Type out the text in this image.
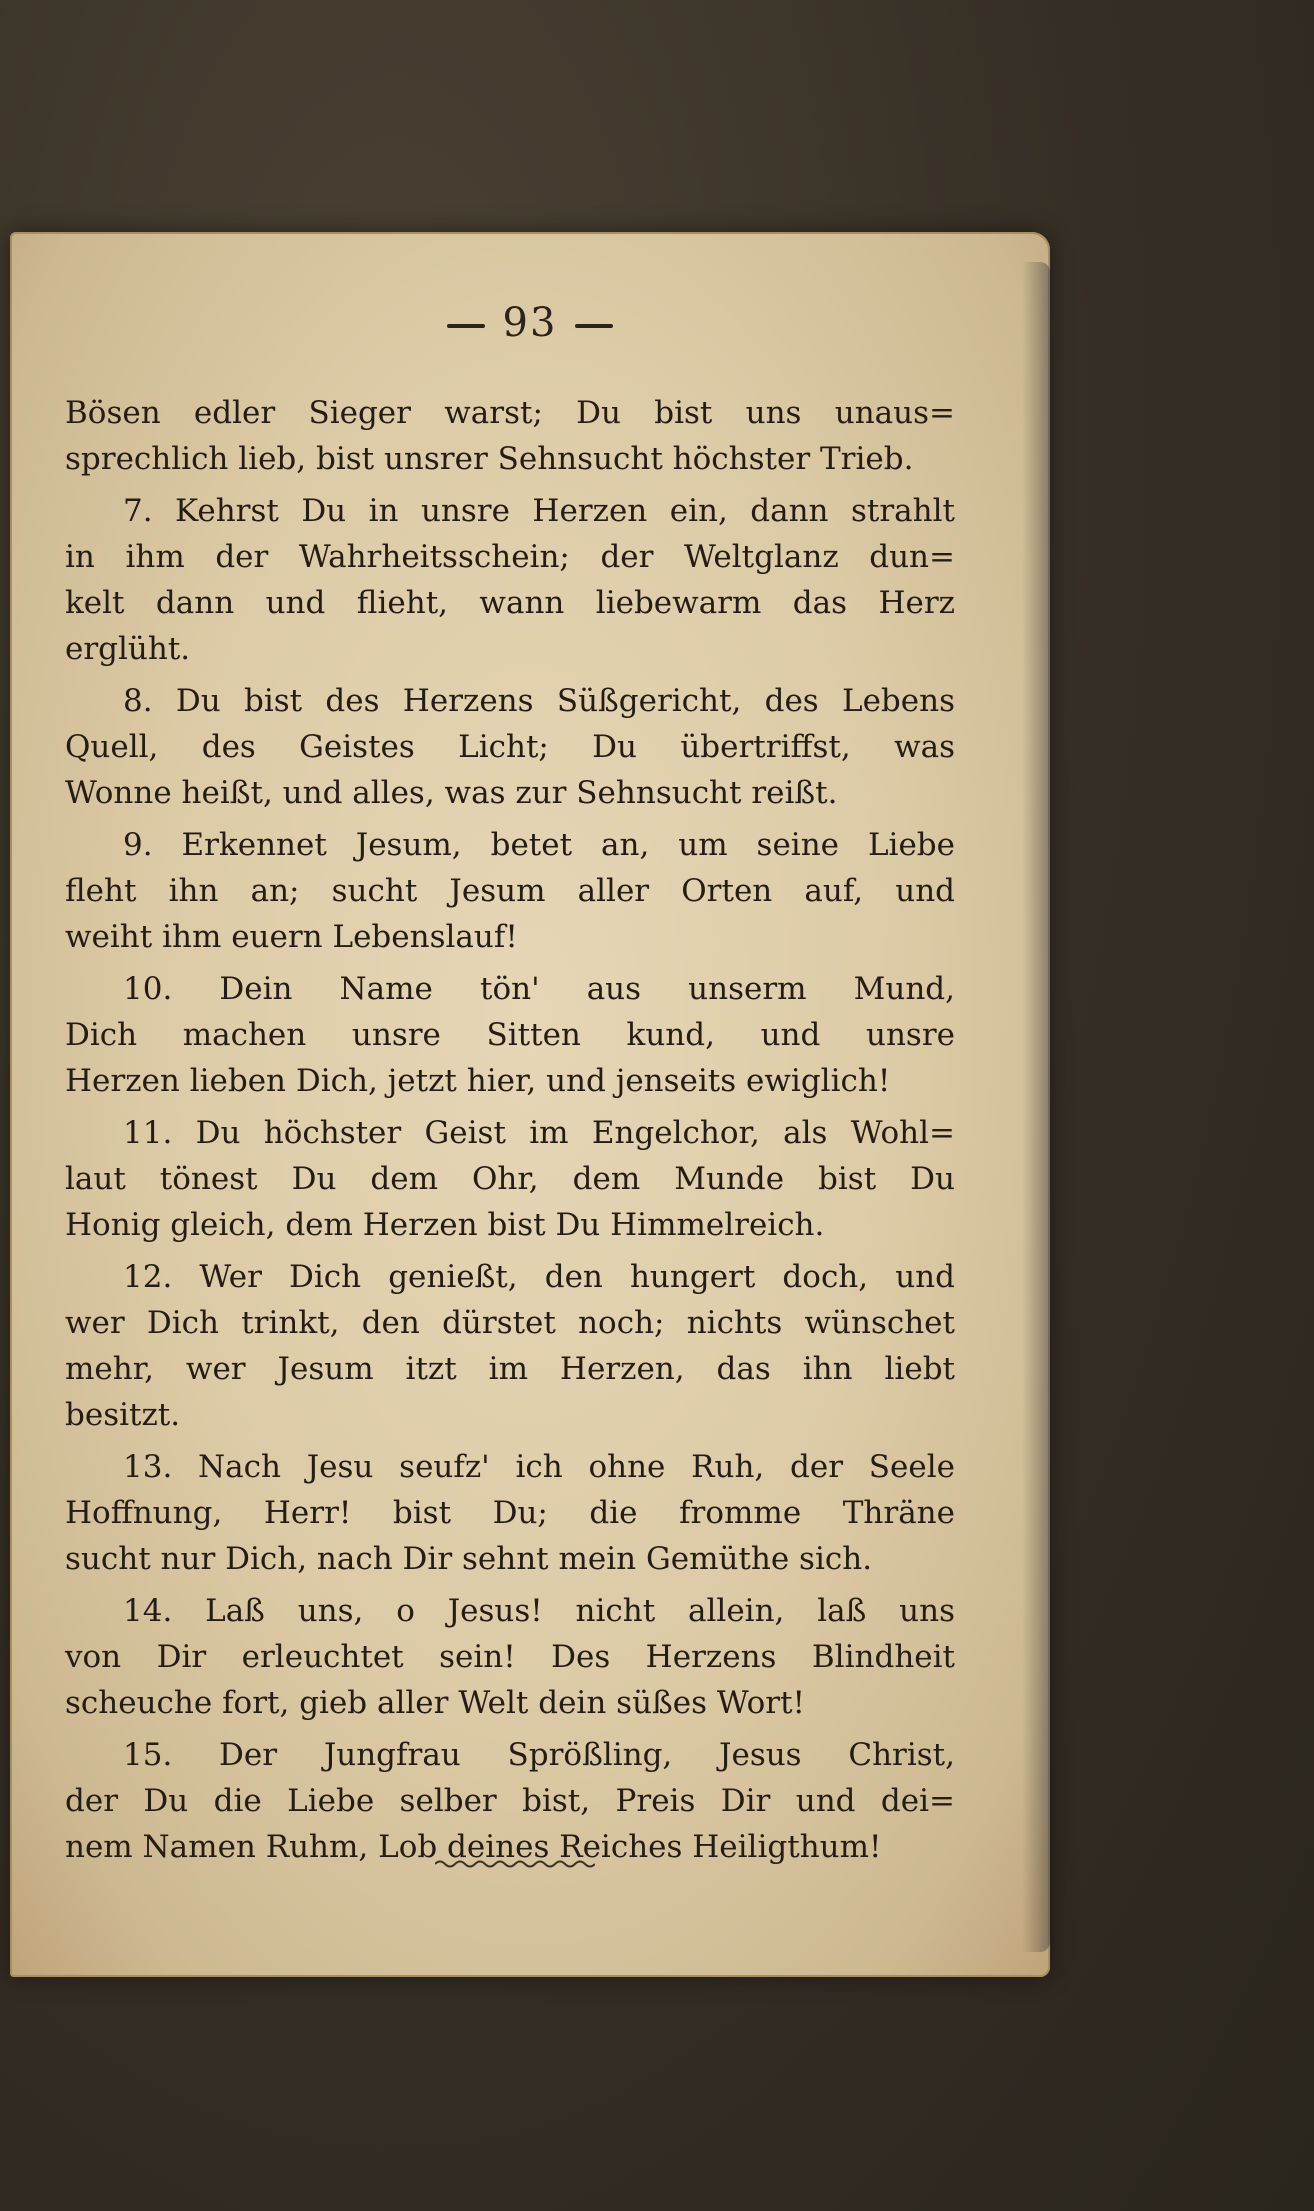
93
Bösen edler Sieger warst; Du bist uns unaus=
sprechlich lieb, bist unsrer Sehnsucht höchster Trieb.
7. Kehrst Du in unsre Herzen ein, dann strahlt
in ihm der Wahrheitsschein; der Weltglanz dun=
kelt dann und flieht, wann liebewarm das Herz
erglüht.
8. Du bist des Herzens Süßgericht, des Lebens
Quell, des Geistes Licht; Du übertriffst, was
Wonne heißt, und alles, was zur Sehnsucht reißt.
9. Erkennet Jesum, betet an, um seine Liebe
fleht ihn an; sucht Jesum aller Orten auf, und
weiht ihm euern Lebenslauf!
10. Dein Name tön' aus unserm Mund,
Dich machen unsre Sitten kund, und unsre
Herzen lieben Dich, jetzt hier, und jenseits ewiglich!
11. Du höchster Geist im Engelchor, als Wohl=
laut tönest Du dem Ohr, dem Munde bist Du
Honig gleich, dem Herzen bist Du Himmelreich.
12. Wer Dich genießt, den hungert doch, und
wer Dich trinkt, den dürstet noch; nichts wünschet
mehr, wer Jesum itzt im Herzen, das ihn liebt
besitzt.
13. Nach Jesu seufz' ich ohne Ruh, der Seele
Hoffnung, Herr! bist Du; die fromme Thräne
sucht nur Dich, nach Dir sehnt mein Gemüthe sich.
14. Laß uns, o Jesus! nicht allein, laß uns
von Dir erleuchtet sein! Des Herzens Blindheit
scheuche fort, gieb aller Welt dein süßes Wort!
15. Der Jungfrau Sprößling, Jesus Christ,
der Du die Liebe selber bist, Preis Dir und dei=
nem Namen Ruhm, Lob deines Reiches Heiligthum!
